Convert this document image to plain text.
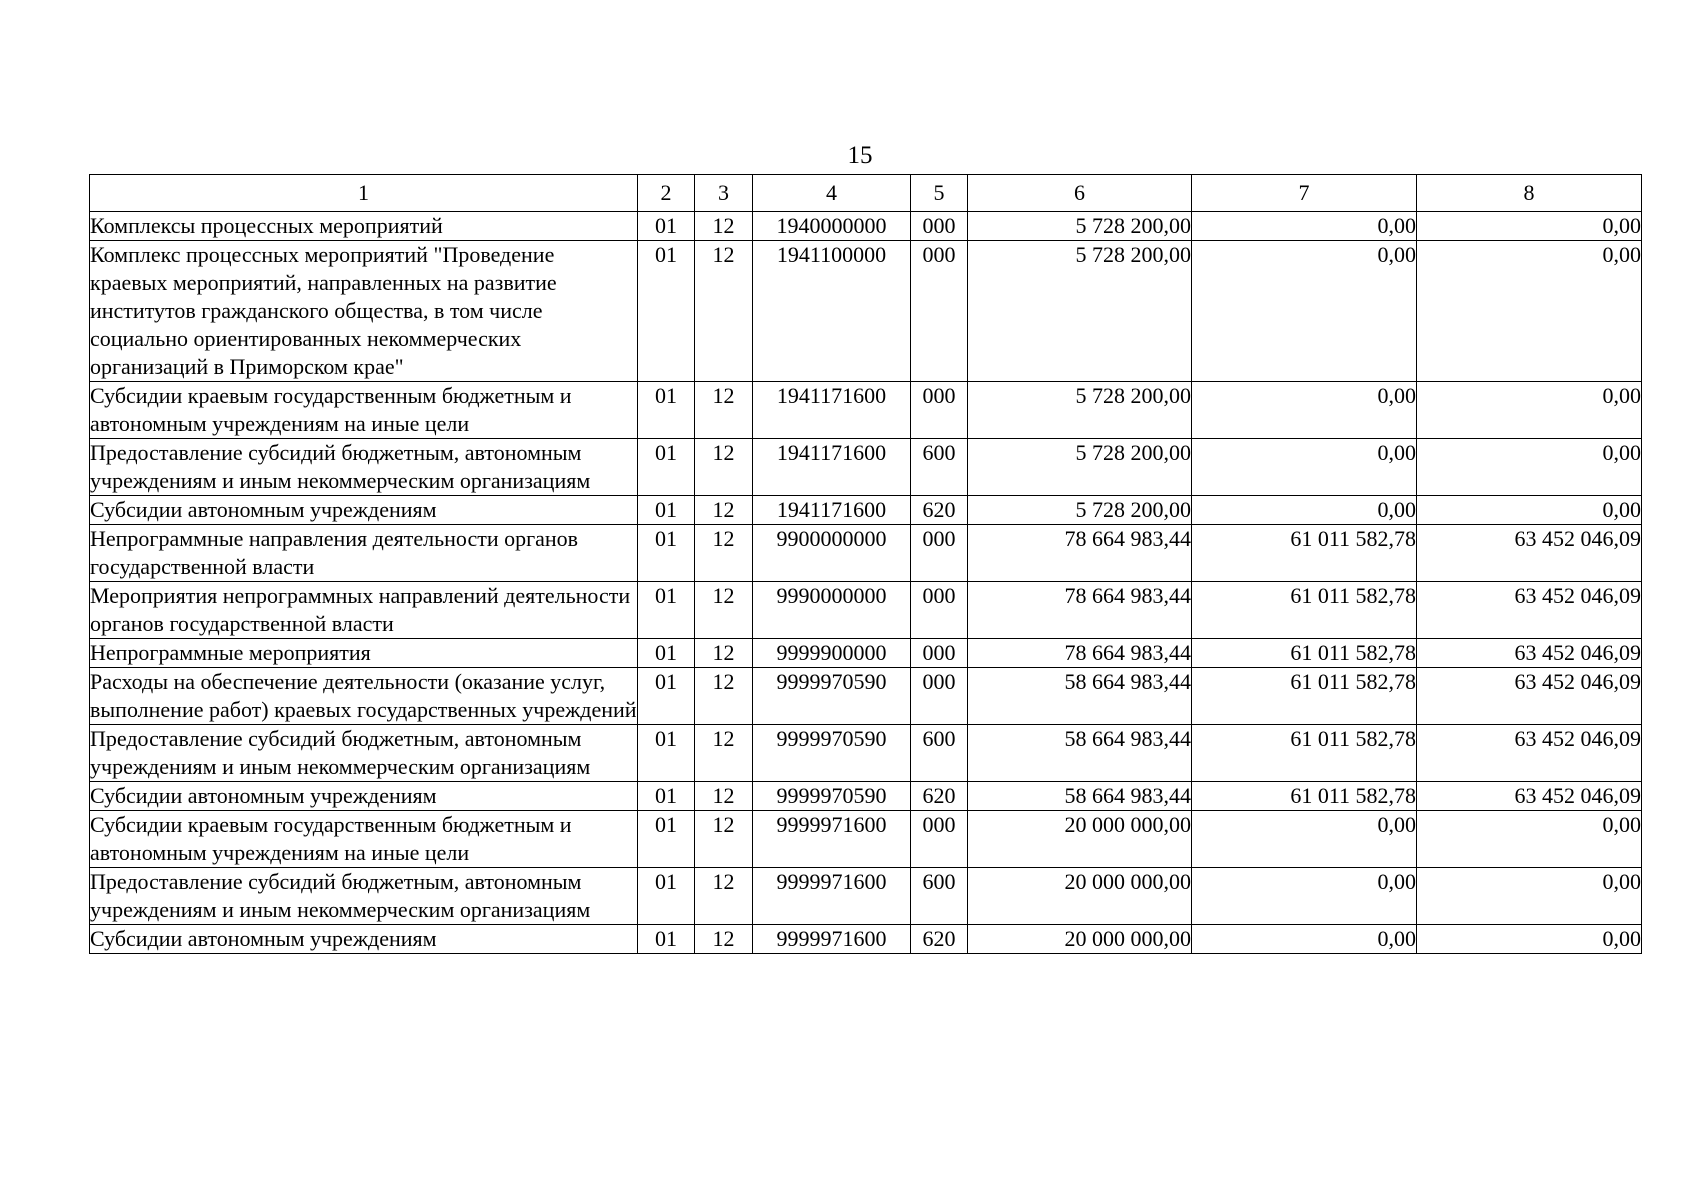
15
1	2	3	4	5	6	7	8
Комплексы процессных мероприятий	01	12	1940000000	000	5 728 200,00	0,00	0,00
Комплекс процессных мероприятий "Проведение краевых мероприятий, направленных на развитие институтов гражданского общества, в том числе социально ориентированных некоммерческих организаций в Приморском крае"	01	12	1941100000	000	5 728 200,00	0,00	0,00
Субсидии краевым государственным бюджетным и автономным учреждениям на иные цели	01	12	1941171600	000	5 728 200,00	0,00	0,00
Предоставление субсидий бюджетным, автономным учреждениям и иным некоммерческим организациям	01	12	1941171600	600	5 728 200,00	0,00	0,00
Субсидии автономным учреждениям	01	12	1941171600	620	5 728 200,00	0,00	0,00
Непрограммные направления деятельности органов государственной власти	01	12	9900000000	000	78 664 983,44	61 011 582,78	63 452 046,09
Мероприятия непрограммных направлений деятельности органов государственной власти	01	12	9990000000	000	78 664 983,44	61 011 582,78	63 452 046,09
Непрограммные мероприятия	01	12	9999900000	000	78 664 983,44	61 011 582,78	63 452 046,09
Расходы на обеспечение деятельности (оказание услуг, выполнение работ) краевых государственных учреждений	01	12	9999970590	000	58 664 983,44	61 011 582,78	63 452 046,09
Предоставление субсидий бюджетным, автономным учреждениям и иным некоммерческим организациям	01	12	9999970590	600	58 664 983,44	61 011 582,78	63 452 046,09
Субсидии автономным учреждениям	01	12	9999970590	620	58 664 983,44	61 011 582,78	63 452 046,09
Субсидии краевым государственным бюджетным и автономным учреждениям на иные цели	01	12	9999971600	000	20 000 000,00	0,00	0,00
Предоставление субсидий бюджетным, автономным учреждениям и иным некоммерческим организациям	01	12	9999971600	600	20 000 000,00	0,00	0,00
Субсидии автономным учреждениям	01	12	9999971600	620	20 000 000,00	0,00	0,00
